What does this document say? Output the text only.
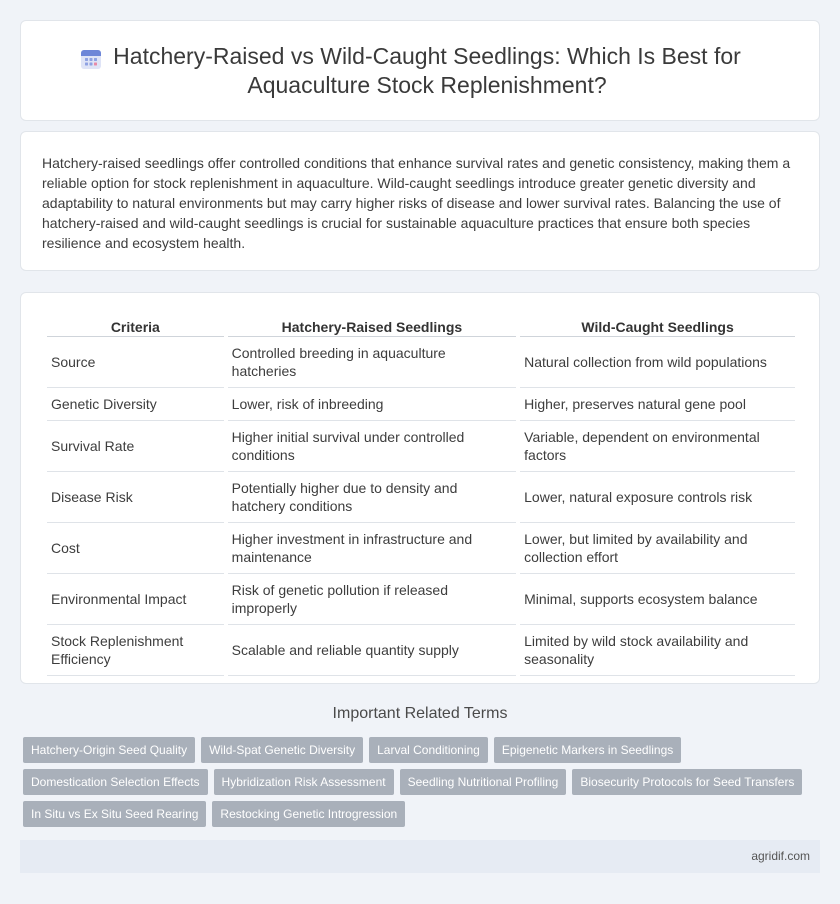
Hatchery-Raised vs Wild-Caught Seedlings: Which Is Best for Aquaculture Stock Replenishment?

Hatchery-raised seedlings offer controlled conditions that enhance survival rates and genetic consistency, making them a reliable option for stock replenishment in aquaculture. Wild-caught seedlings introduce greater genetic diversity and adaptability to natural environments but may carry higher risks of disease and lower survival rates. Balancing the use of hatchery-raised and wild-caught seedlings is crucial for sustainable aquaculture practices that ensure both species resilience and ecosystem health.

Criteria	Hatchery-Raised Seedlings	Wild-Caught Seedlings
Source	Controlled breeding in aquaculture hatcheries	Natural collection from wild populations
Genetic Diversity	Lower, risk of inbreeding	Higher, preserves natural gene pool
Survival Rate	Higher initial survival under controlled conditions	Variable, dependent on environmental factors
Disease Risk	Potentially higher due to density and hatchery conditions	Lower, natural exposure controls risk
Cost	Higher investment in infrastructure and maintenance	Lower, but limited by availability and collection effort
Environmental Impact	Risk of genetic pollution if released improperly	Minimal, supports ecosystem balance
Stock Replenishment Efficiency	Scalable and reliable quantity supply	Limited by wild stock availability and seasonality
Important Related Terms
Hatchery-Origin Seed Quality	Wild-Spat Genetic Diversity	Larval Conditioning	Epigenetic Markers in Seedlings
Domestication Selection Effects	Hybridization Risk Assessment	Seedling Nutritional Profiling	Biosecurity Protocols for Seed Transfers
In Situ vs Ex Situ Seed Rearing	Restocking Genetic Introgression
agridif.com
